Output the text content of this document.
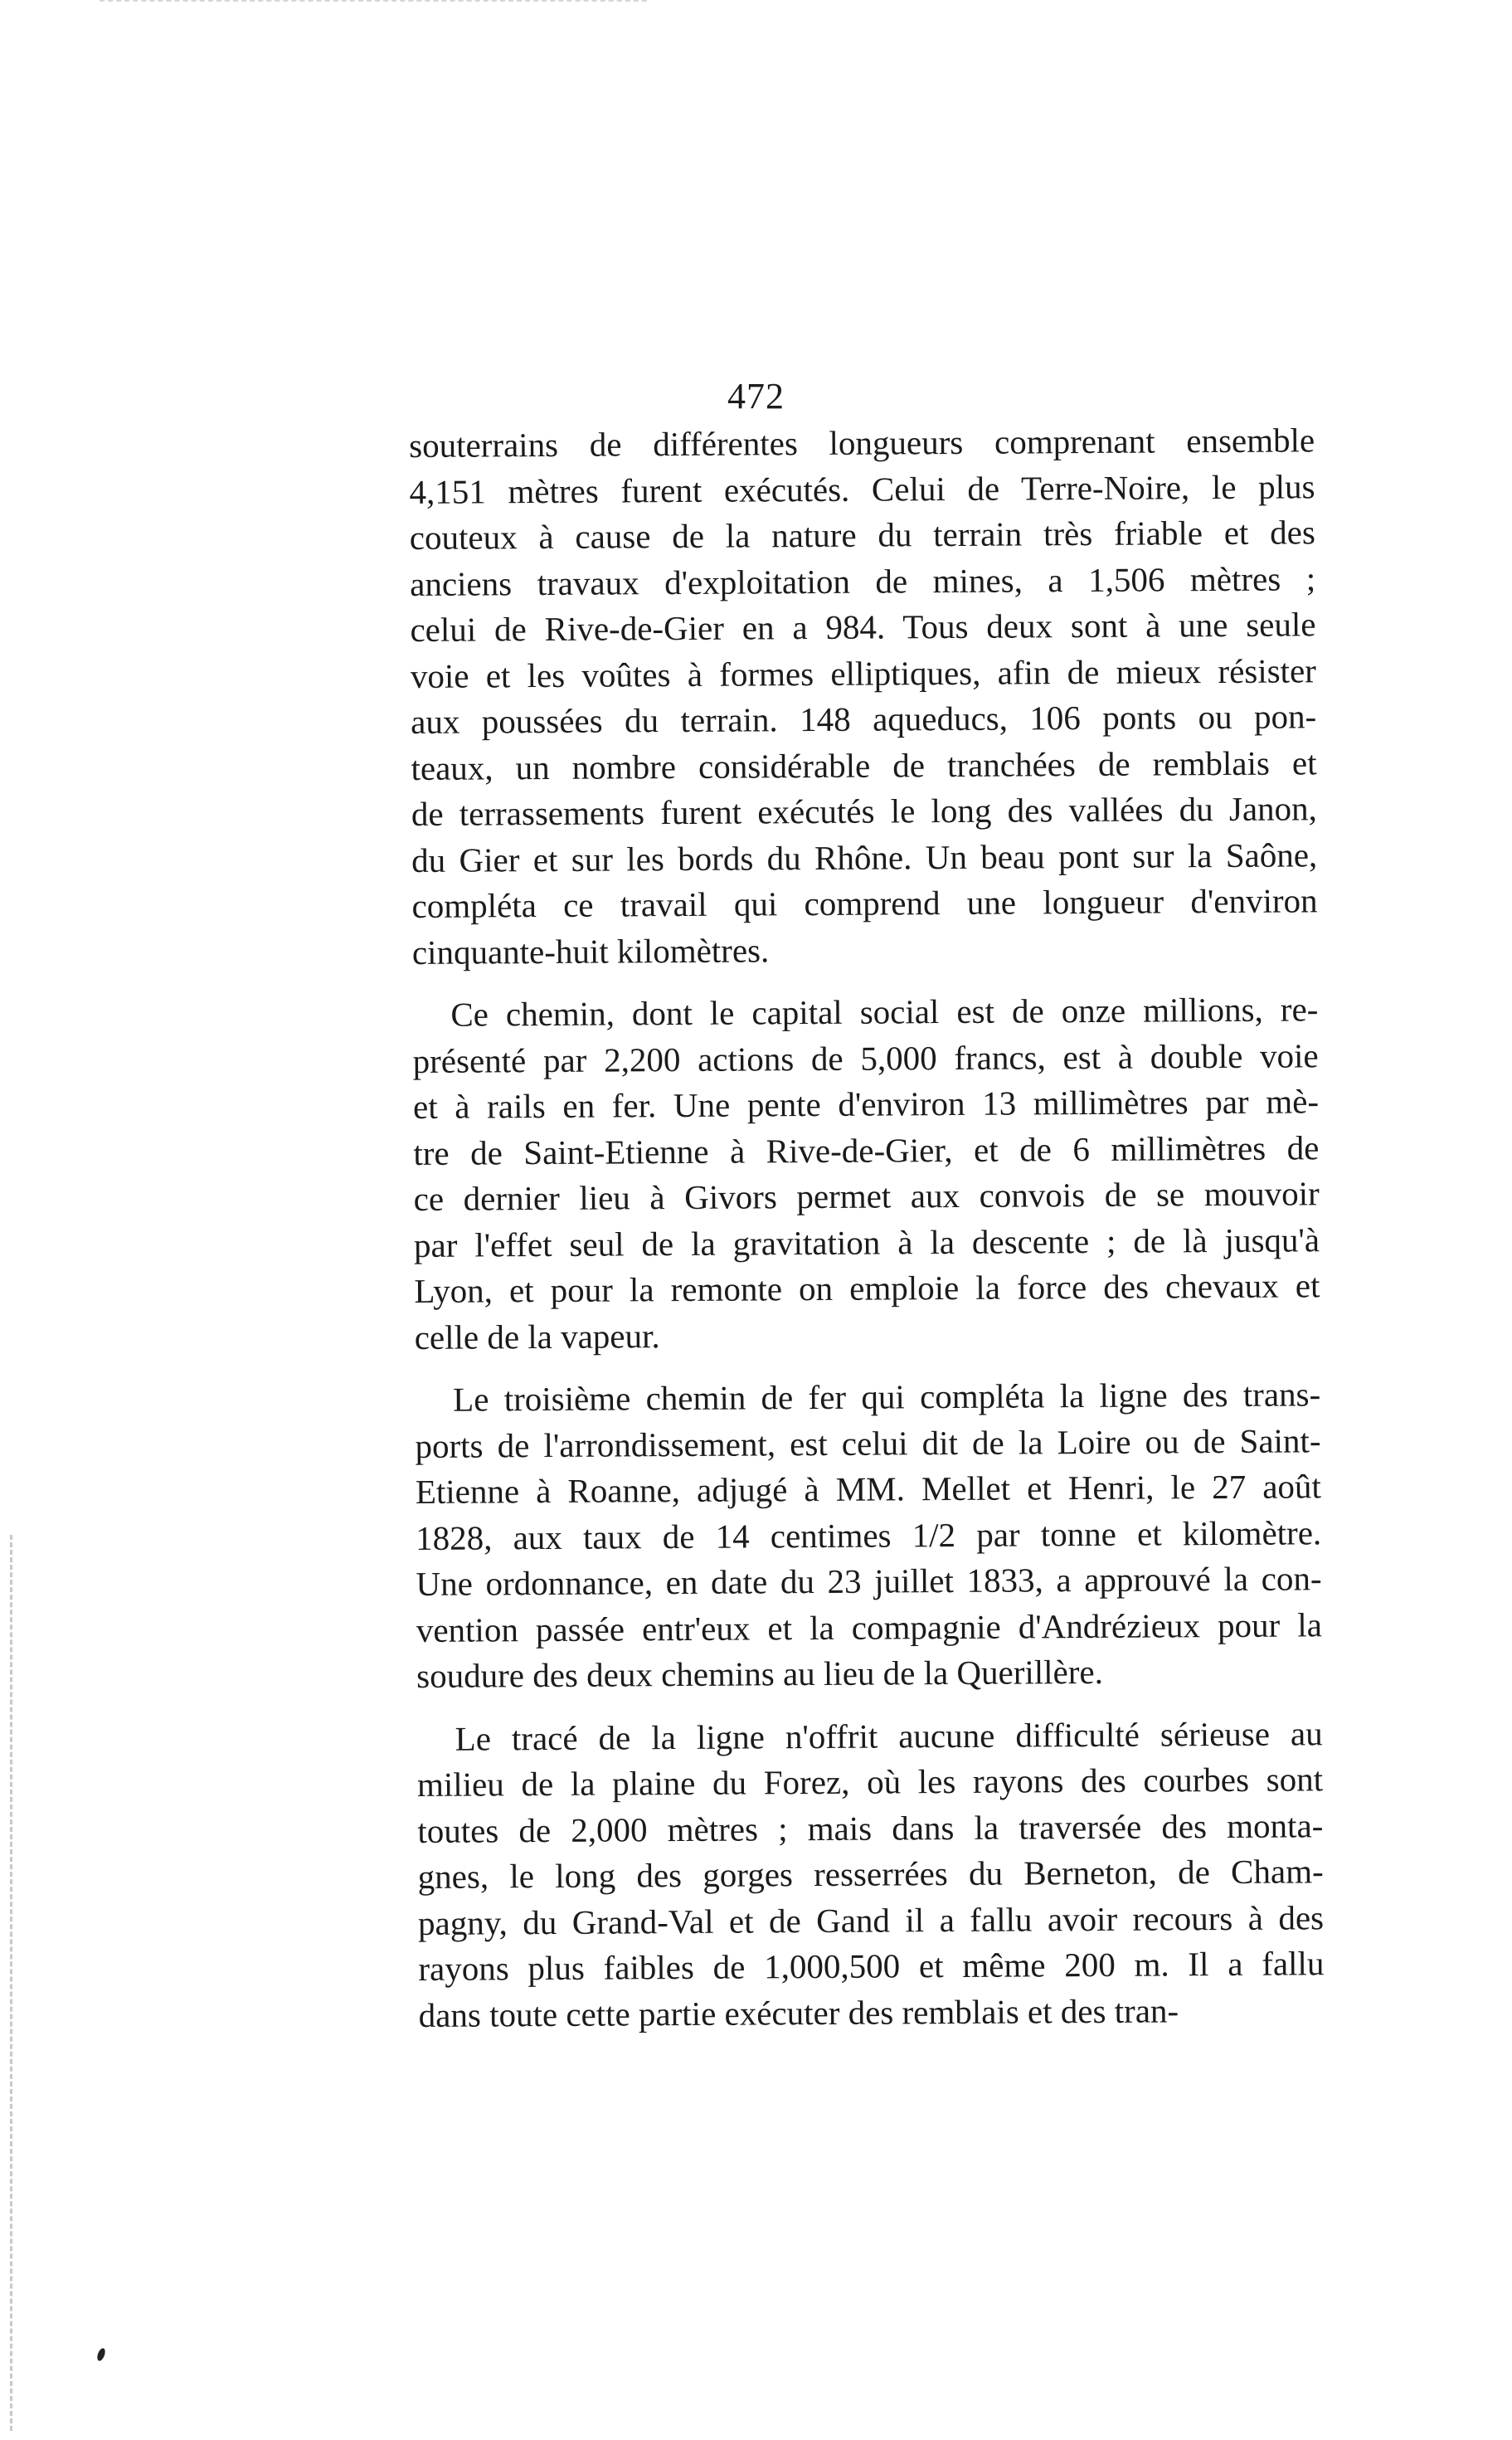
472
souterrains de différentes longueurs comprenant ensemble
4,151 mètres furent exécutés. Celui de Terre-Noire, le plus
couteux à cause de la nature du terrain très friable et des
anciens travaux d'exploitation de mines, a 1,506 mètres ;
celui de Rive-de-Gier en a 984. Tous deux sont à une seule
voie et les voûtes à formes elliptiques, afin de mieux résister
aux poussées du terrain. 148 aqueducs, 106 ponts ou pon-
teaux, un nombre considérable de tranchées de remblais et
de terrassements furent exécutés le long des vallées du Janon,
du Gier et sur les bords du Rhône. Un beau pont sur la Saône,
compléta ce travail qui comprend une longueur d'environ
cinquante-huit kilomètres.
Ce chemin, dont le capital social est de onze millions, re-
présenté par 2,200 actions de 5,000 francs, est à double voie
et à rails en fer. Une pente d'environ 13 millimètres par mè-
tre de Saint-Etienne à Rive-de-Gier, et de 6 millimètres de
ce dernier lieu à Givors permet aux convois de se mouvoir
par l'effet seul de la gravitation à la descente ; de là jusqu'à
Lyon, et pour la remonte on emploie la force des chevaux et
celle de la vapeur.
Le troisième chemin de fer qui compléta la ligne des trans-
ports de l'arrondissement, est celui dit de la Loire ou de Saint-
Etienne à Roanne, adjugé à MM. Mellet et Henri, le 27 août
1828, aux taux de 14 centimes 1/2 par tonne et kilomètre.
Une ordonnance, en date du 23 juillet 1833, a approuvé la con-
vention passée entr'eux et la compagnie d'Andrézieux pour la
soudure des deux chemins au lieu de la Querillère.
Le tracé de la ligne n'offrit aucune difficulté sérieuse au
milieu de la plaine du Forez, où les rayons des courbes sont
toutes de 2,000 mètres ; mais dans la traversée des monta-
gnes, le long des gorges resserrées du Berneton, de Cham-
pagny, du Grand-Val et de Gand il a fallu avoir recours à des
rayons plus faibles de 1,000,500 et même 200 m. Il a fallu
dans toute cette partie exécuter des remblais et des tran-
